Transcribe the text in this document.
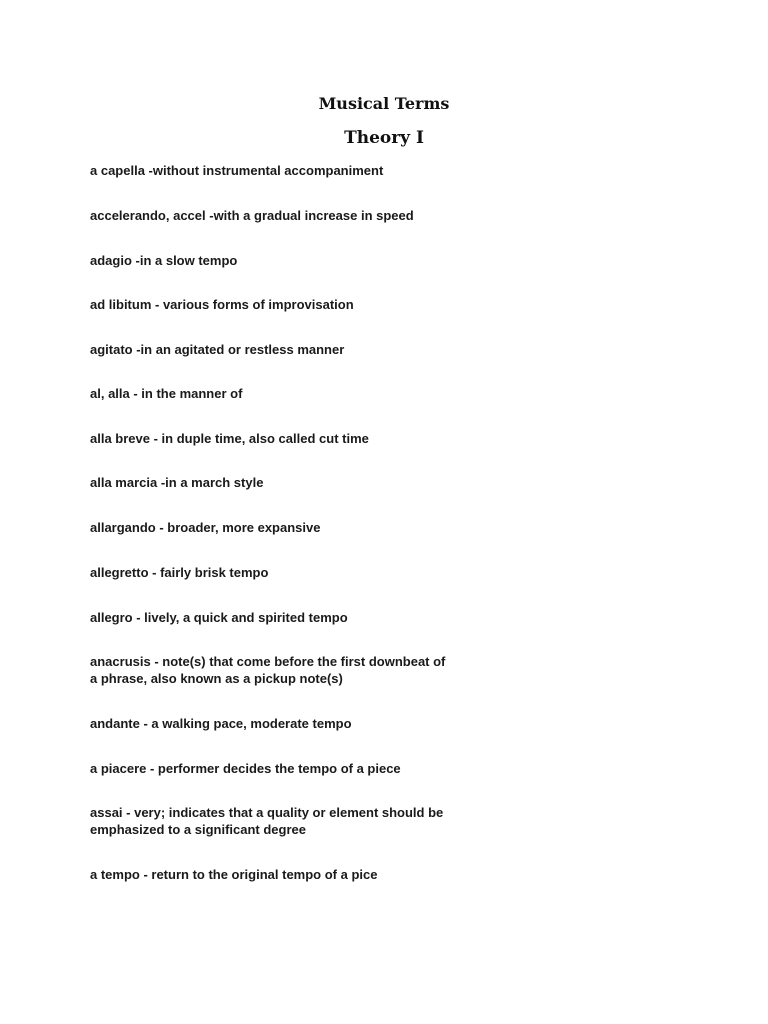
Musical Terms
Theory I

a capella -without instrumental accompaniment

accelerando, accel -with a gradual increase in speed

adagio -in a slow tempo

ad libitum - various forms of improvisation

agitato -in an agitated or restless manner

al, alla - in the manner of

alla breve - in duple time, also called cut time

alla marcia -in a march style

allargando - broader, more expansive

allegretto - fairly brisk tempo

allegro - lively, a quick and spirited tempo

anacrusis - note(s) that come before the first downbeat of a phrase, also known as a pickup note(s)

andante - a walking pace, moderate tempo

a piacere - performer decides the tempo of a piece

assai - very; indicates that a quality or element should be emphasized to a significant degree

a tempo - return to the original tempo of a pice
